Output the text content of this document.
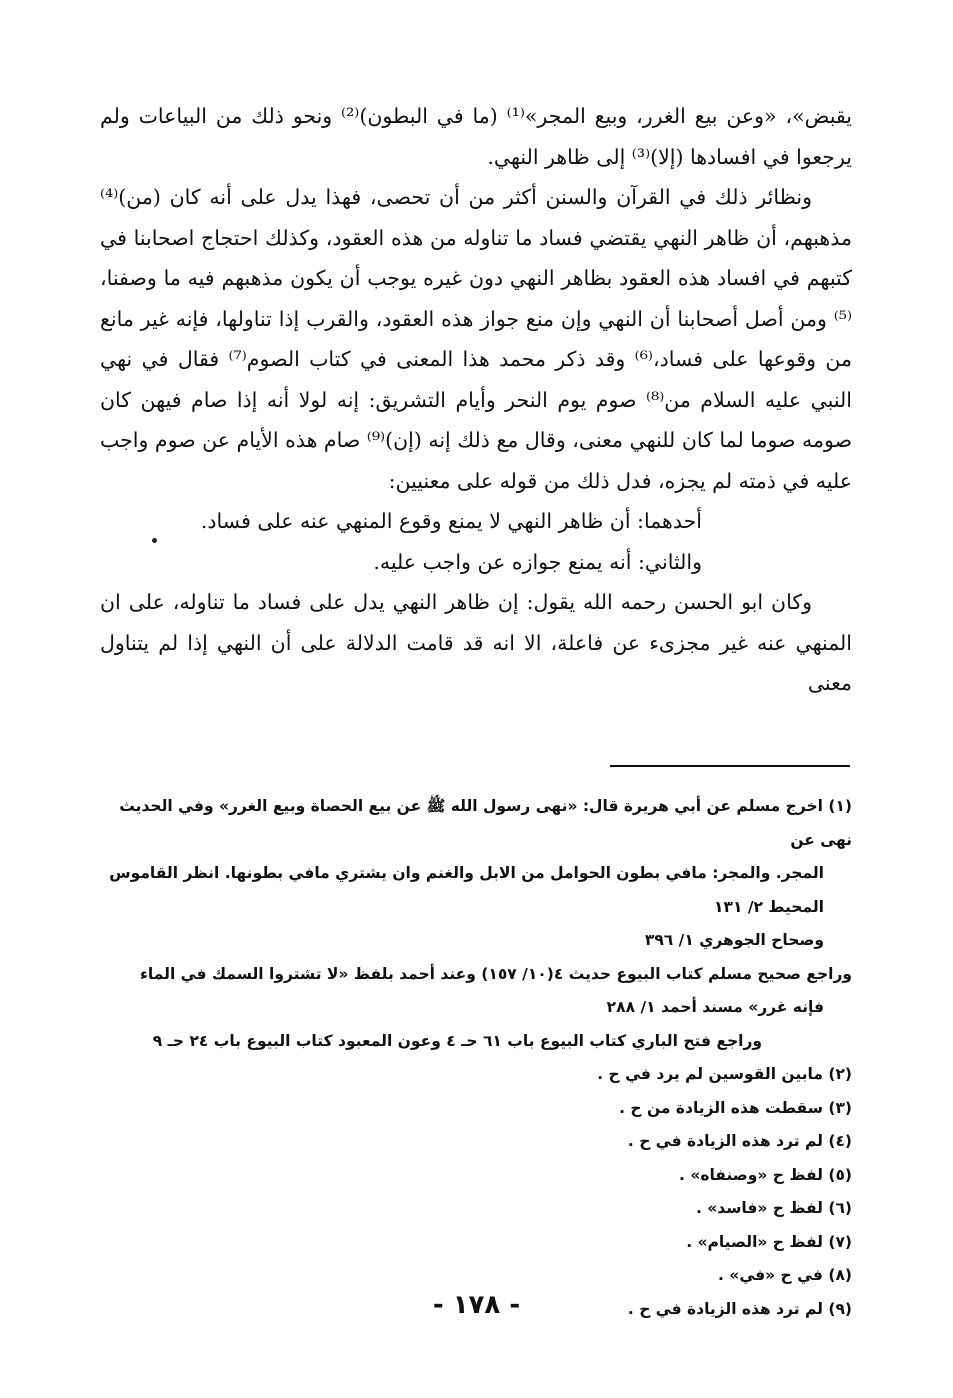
يقبض»، «وعن بيع الغرر، وبيع المجر»⁽¹⁾ (ما في البطون)⁽²⁾ ونحو ذلك من البياعات ولم يرجعوا في افسادها (إلا)⁽³⁾ إلى ظاهر النهي.

ونظائر ذلك في القرآن والسنن أكثر من أن تحصى، فهذا يدل على أنه كان (من)⁽⁴⁾ مذهبهم، أن ظاهر النهي يقتضي فساد ما تناوله من هذه العقود، وكذلك احتجاج اصحابنا في كتبهم في افساد هذه العقود بظاهر النهي دون غيره يوجب أن يكون مذهبهم فيه ما وصفنا،⁽⁵⁾ ومن أصل أصحابنا أن النهي وإن منع جواز هذه العقود، والقرب إذا تناولها، فإنه غير مانع من وقوعها على فساد،⁽⁶⁾ وقد ذكر محمد هذا المعنى في كتاب الصوم⁽⁷⁾ فقال في نهي النبي عليه السلام من⁽⁸⁾ صوم يوم النحر وأيام التشريق: إنه لولا أنه إذا صام فيهن كان صومه صوما لما كان للنهي معنى، وقال مع ذلك إنه (إن)⁽⁹⁾ صام هذه الأيام عن صوم واجب عليه في ذمته لم يجزه، فدل ذلك من قوله على معنيين:

أحدهما: أن ظاهر النهي لا يمنع وقوع المنهي عنه على فساد.

والثاني: أنه يمنع جوازه عن واجب عليه.

وكان ابو الحسن رحمه الله يقول: إن ظاهر النهي يدل على فساد ما تناوله، على ان المنهي عنه غير مجزىء عن فاعلة، الا انه قد قامت الدلالة على أن النهي إذا لم يتناول معنى

(١) اخرج مسلم عن أبي هريرة قال: «نهى رسول الله ﷺ عن بيع الحصاة وبيع الغرر» وفي الحديث نهى عن

المجر. والمجر: مافي بطون الحوامل من الابل والغنم وان يشتري مافي بطونها. انظر القاموس المحيط ٢/ ١٣١

وصحاح الجوهري ١/ ٣٩٦

وراجع صحيح مسلم كتاب البيوع حديث ٤(١٠/ ١٥٧) وعند أحمد بلفظ «لا تشتروا السمك في الماء

فإنه غرر» مسند أحمد ١/ ٢٨٨

وراجع فتح الباري كتاب البيوع باب ٦١ حـ ٤ وعون المعبود كتاب البيوع باب ٢٤ حـ ٩

(٢) مابين القوسين لم يرد في ح .

(٣) سقطت هذه الزيادة من ح .

(٤) لم ترد هذه الزيادة في ح .

(٥) لفظ ح «وصنفاه» .

(٦) لفظ ح «فاسد» .

(٧) لفظ ح «الصيام» .

(٨) في ح «في» .

(٩) لم ترد هذه الزيادة في ح .

- ١٧٨ -
